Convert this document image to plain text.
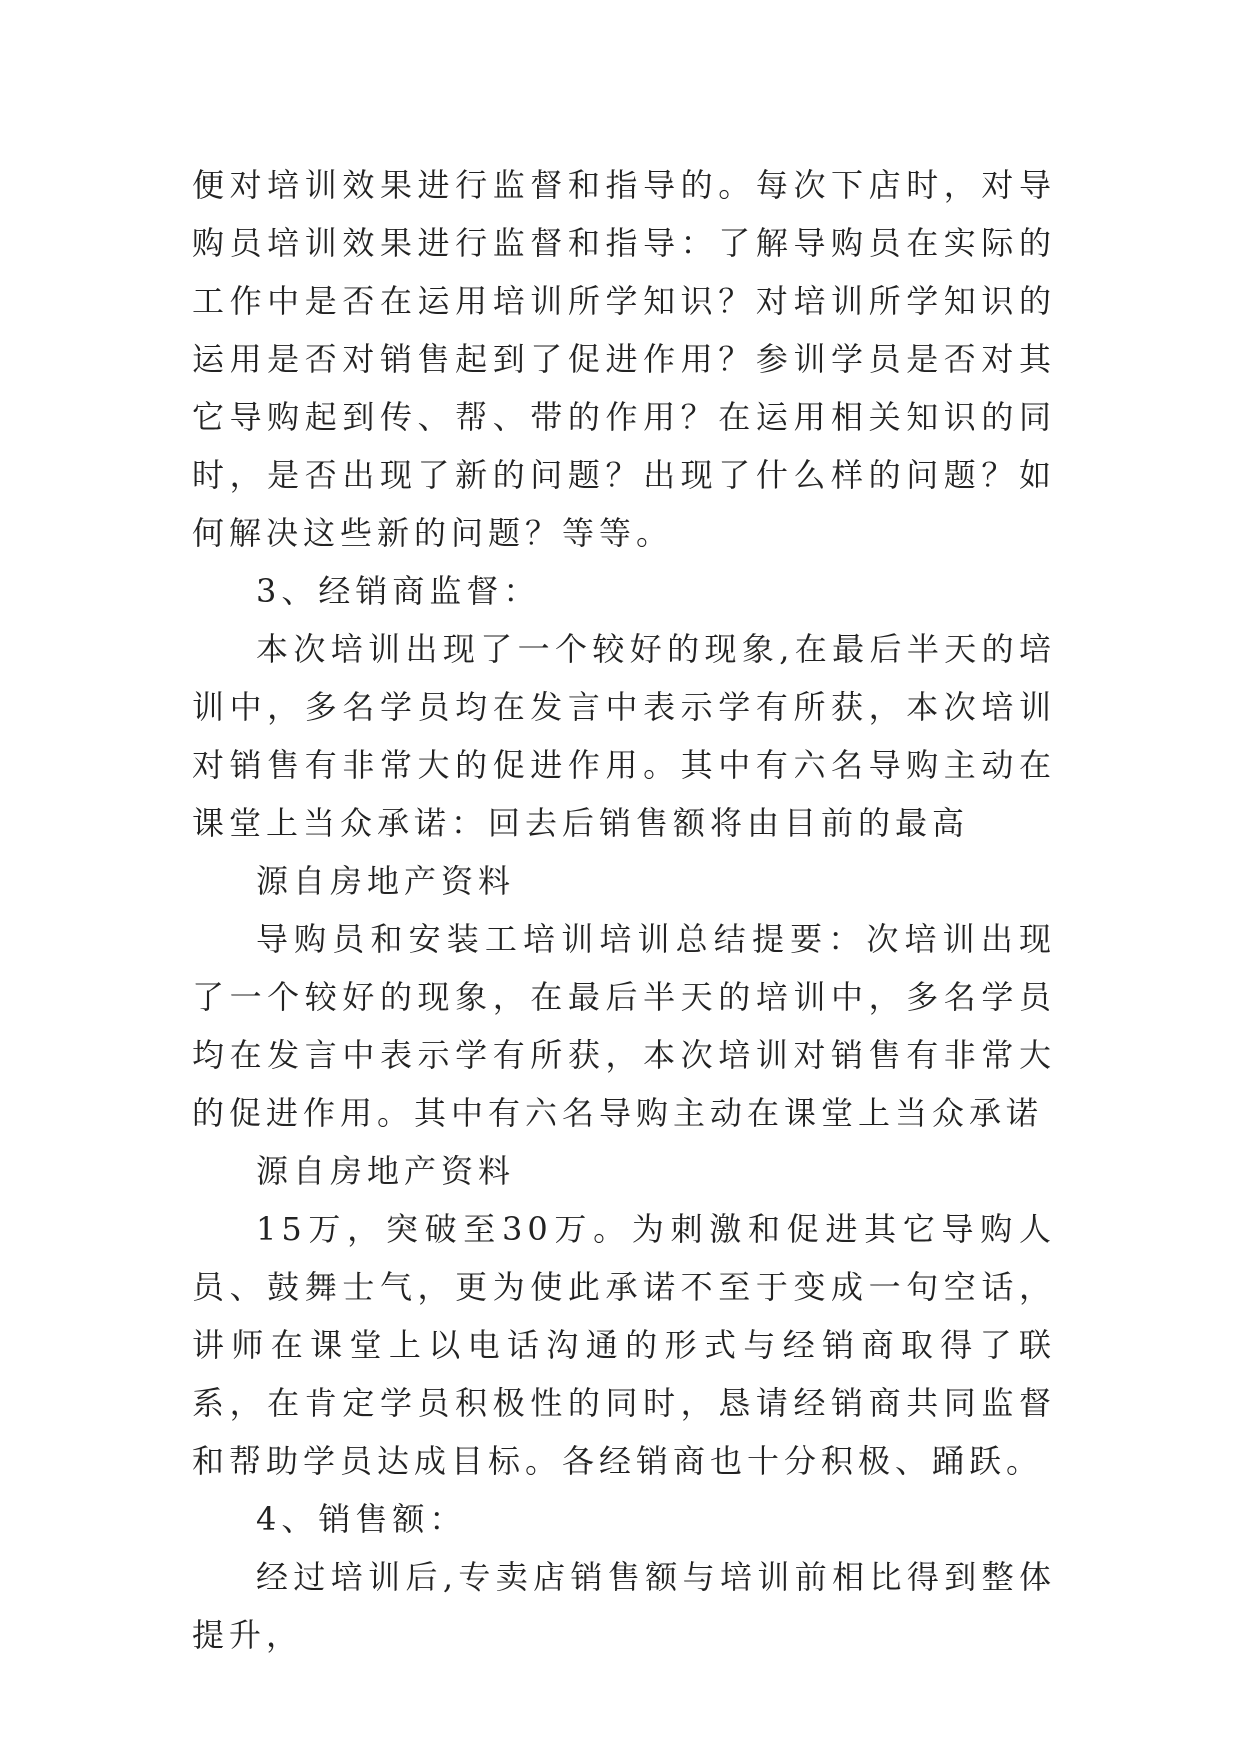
便对培训效果进行监督和指导的。每次下店时，对导购员培训效果进行监督和指导：了解导购员在实际的工作中是否在运用培训所学知识？对培训所学知识的运用是否对销售起到了促进作用？参训学员是否对其它导购起到传、帮、带的作用？在运用相关知识的同时，是否出现了新的问题？出现了什么样的问题？如何解决这些新的问题？等等。

3、经销商监督：

本次培训出现了一个较好的现象,在最后半天的培训中，多名学员均在发言中表示学有所获，本次培训对销售有非常大的促进作用。其中有六名导购主动在课堂上当众承诺：回去后销售额将由目前的最高

源自房地产资料

导购员和安装工培训培训总结提要：次培训出现了一个较好的现象，在最后半天的培训中，多名学员均在发言中表示学有所获，本次培训对销售有非常大的促进作用。其中有六名导购主动在课堂上当众承诺

源自房地产资料

15万，突破至30万。为刺激和促进其它导购人员、鼓舞士气，更为使此承诺不至于变成一句空话，讲师在课堂上以电话沟通的形式与经销商取得了联系，在肯定学员积极性的同时，恳请经销商共同监督和帮助学员达成目标。各经销商也十分积极、踊跃。

4、销售额：

经过培训后,专卖店销售额与培训前相比得到整体提升，
